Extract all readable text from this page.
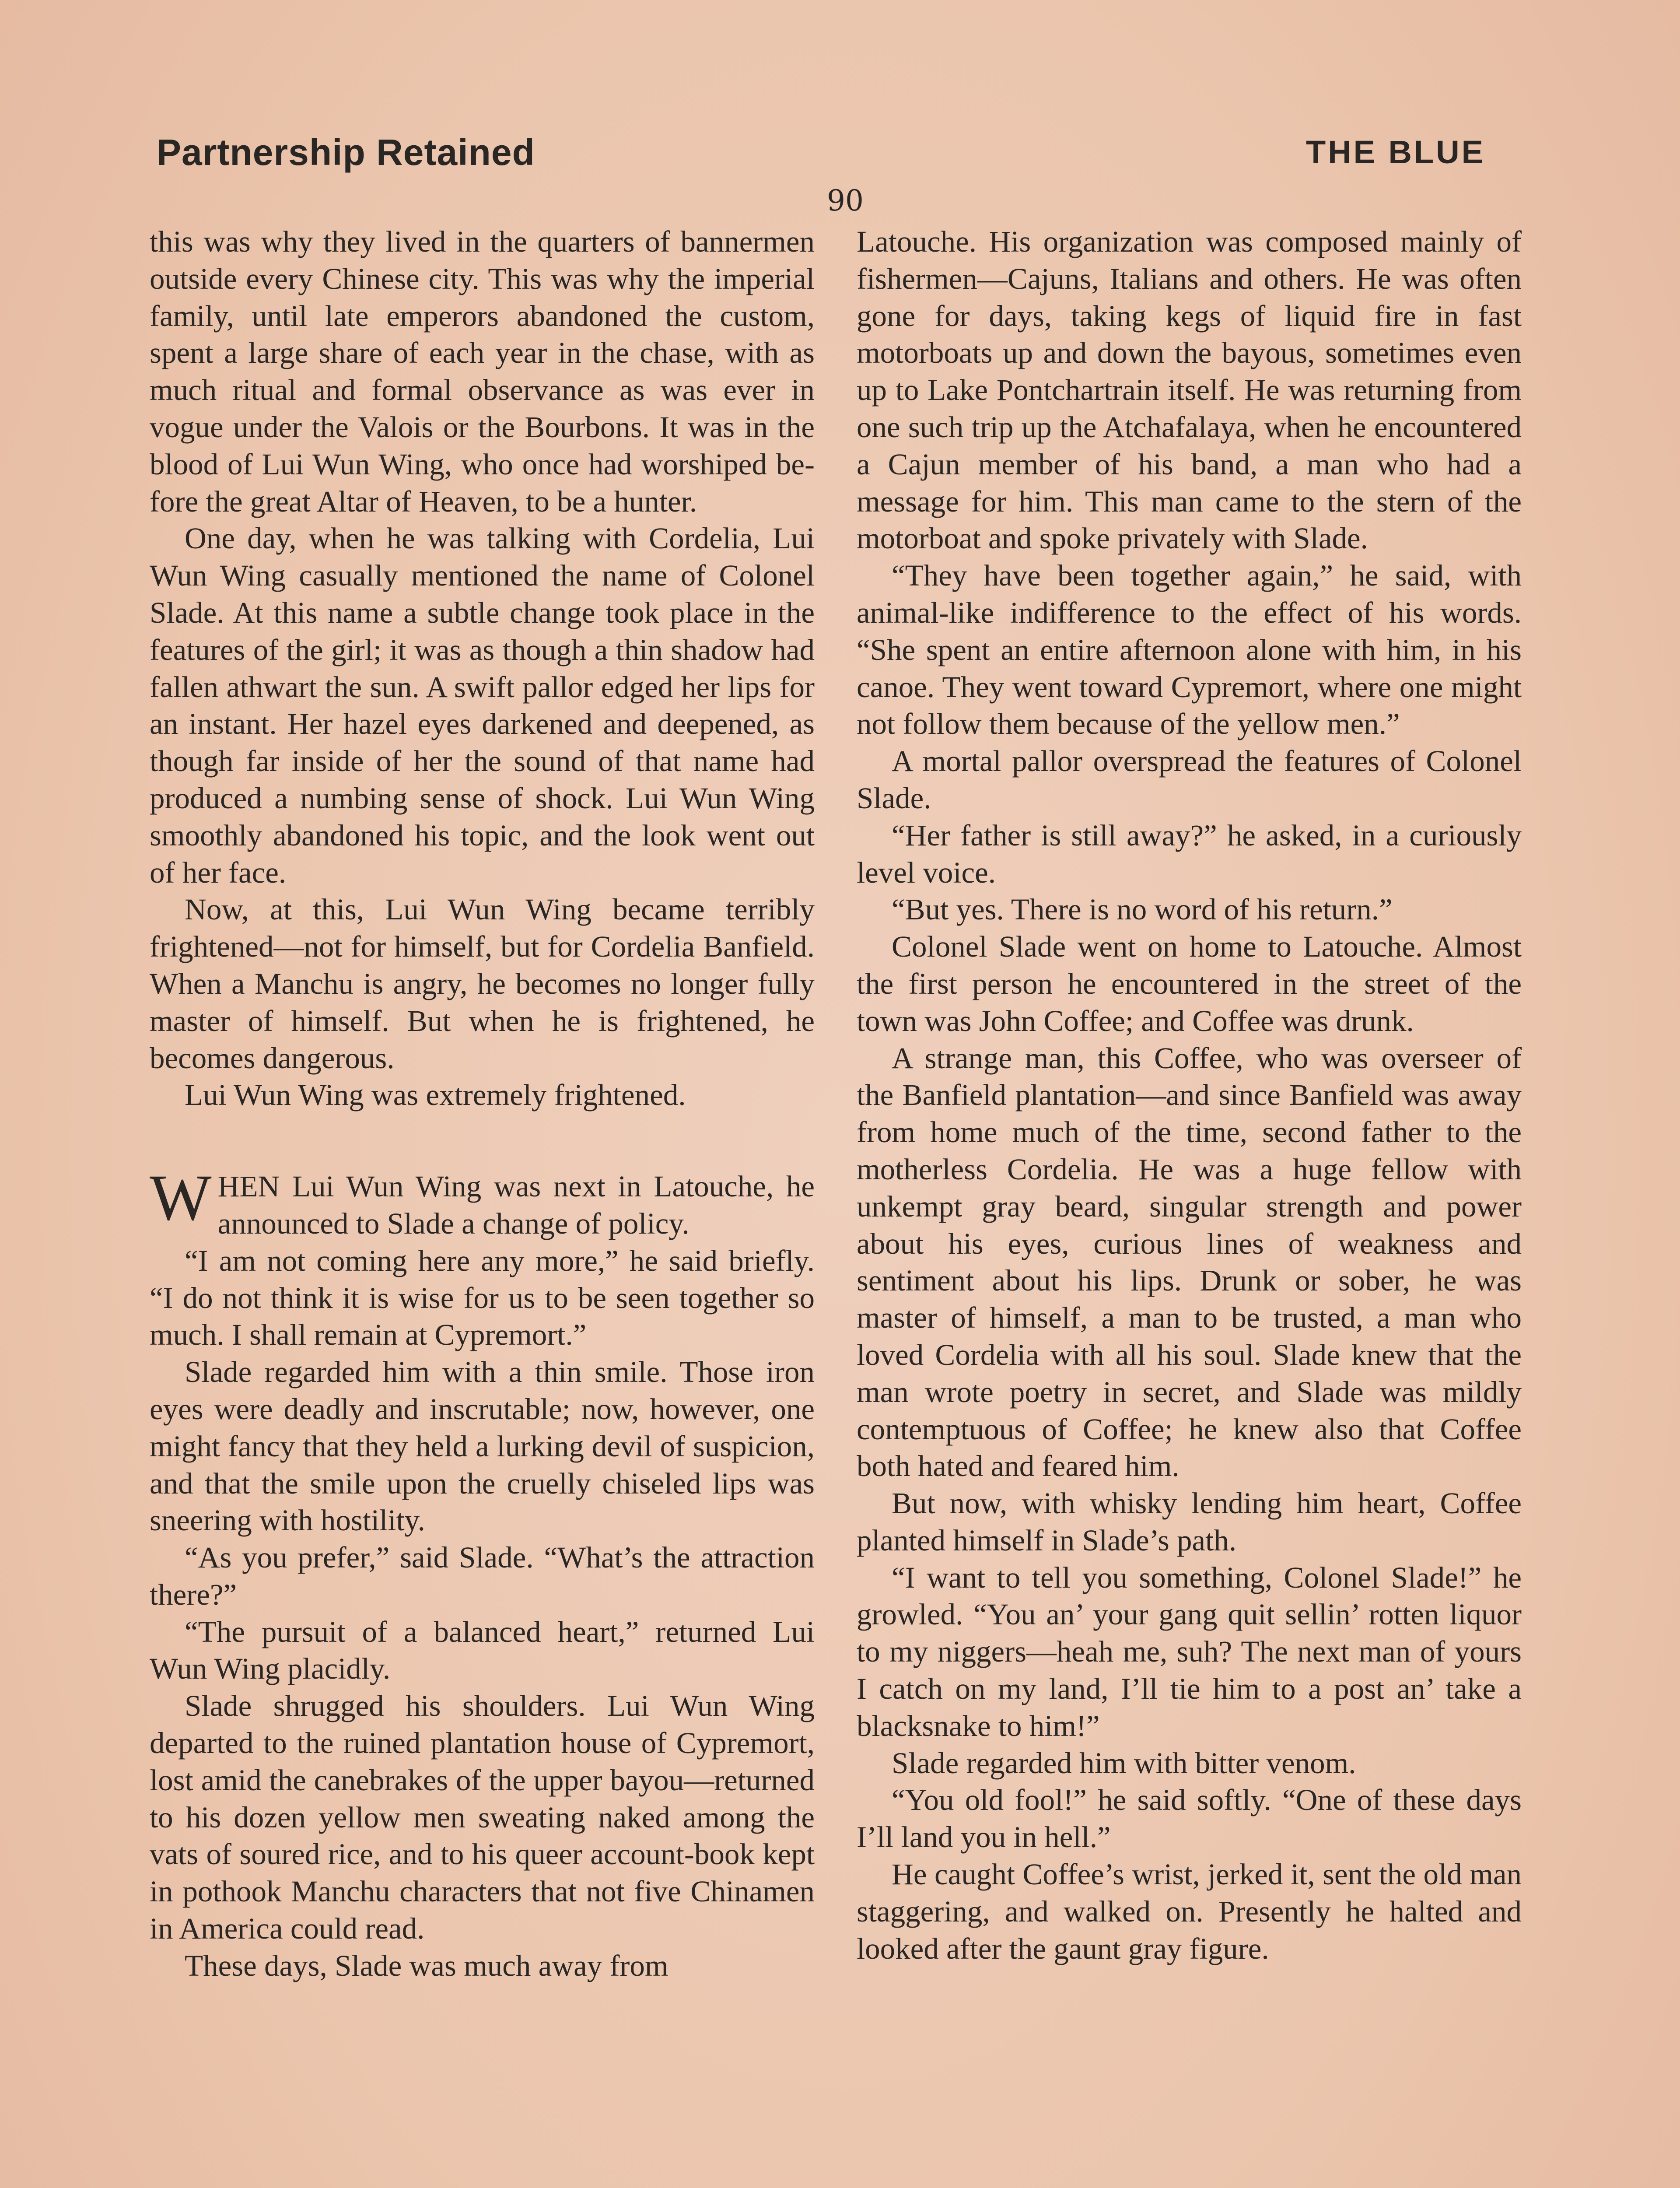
Partnership Retained	THE BLUE
90

this was why they lived in the quarters of bannermen outside every Chinese city. This was why the imperial family, until late emperors abandoned the custom, spent a large share of each year in the chase, with as much ritual and formal observance as was ever in vogue under the Valois or the Bourbons. It was in the blood of Lui Wun Wing, who once had worshiped before the great Altar of Heaven, to be a hunter.

One day, when he was talking with Cordelia, Lui Wun Wing casually mentioned the name of Colonel Slade. At this name a subtle change took place in the features of the girl; it was as though a thin shadow had fallen athwart the sun. A swift pallor edged her lips for an instant. Her hazel eyes darkened and deepened, as though far inside of her the sound of that name had produced a numbing sense of shock. Lui Wun Wing smoothly abandoned his topic, and the look went out of her face.

Now, at this, Lui Wun Wing became terribly frightened—not for himself, but for Cordelia Banfield. When a Manchu is angry, he becomes no longer fully master of himself. But when he is frightened, he becomes dangerous.

Lui Wun Wing was extremely frightened.

WHEN Lui Wun Wing was next in Latouche, he announced to Slade a change of policy.

“I am not coming here any more,” he said briefly. “I do not think it is wise for us to be seen together so much. I shall remain at Cypremort.”

Slade regarded him with a thin smile. Those iron eyes were deadly and inscrutable; now, however, one might fancy that they held a lurking devil of suspicion, and that the smile upon the cruelly chiseled lips was sneering with hostility.

“As you prefer,” said Slade. “What’s the attraction there?”

“The pursuit of a balanced heart,” returned Lui Wun Wing placidly.

Slade shrugged his shoulders. Lui Wun Wing departed to the ruined plantation house of Cypremort, lost amid the canebrakes of the upper bayou—returned to his dozen yellow men sweating naked among the vats of soured rice, and to his queer account-book kept in pothook Manchu characters that not five Chinamen in America could read.

These days, Slade was much away from

Latouche. His organization was composed mainly of fishermen—Cajuns, Italians and others. He was often gone for days, taking kegs of liquid fire in fast motorboats up and down the bayous, sometimes even up to Lake Pontchartrain itself. He was returning from one such trip up the Atchafalaya, when he encountered a Cajun member of his band, a man who had a message for him. This man came to the stern of the motorboat and spoke privately with Slade.

“They have been together again,” he said, with animal-like indifference to the effect of his words. “She spent an entire afternoon alone with him, in his canoe. They went toward Cypremort, where one might not follow them because of the yellow men.”

A mortal pallor overspread the features of Colonel Slade.

“Her father is still away?” he asked, in a curiously level voice.

“But yes. There is no word of his return.”

Colonel Slade went on home to Latouche. Almost the first person he encountered in the street of the town was John Coffee; and Coffee was drunk.

A strange man, this Coffee, who was overseer of the Banfield plantation—and since Banfield was away from home much of the time, second father to the motherless Cordelia. He was a huge fellow with unkempt gray beard, singular strength and power about his eyes, curious lines of weakness and sentiment about his lips. Drunk or sober, he was master of himself, a man to be trusted, a man who loved Cordelia with all his soul. Slade knew that the man wrote poetry in secret, and Slade was mildly contemptuous of Coffee; he knew also that Coffee both hated and feared him.

But now, with whisky lending him heart, Coffee planted himself in Slade’s path.

“I want to tell you something, Colonel Slade!” he growled. “You an’ your gang quit sellin’ rotten liquor to my niggers—heah me, suh? The next man of yours I catch on my land, I’ll tie him to a post an’ take a blacksnake to him!”

Slade regarded him with bitter venom.

“You old fool!” he said softly. “One of these days I’ll land you in hell.”

He caught Coffee’s wrist, jerked it, sent the old man staggering, and walked on. Presently he halted and looked after the gaunt gray figure.
